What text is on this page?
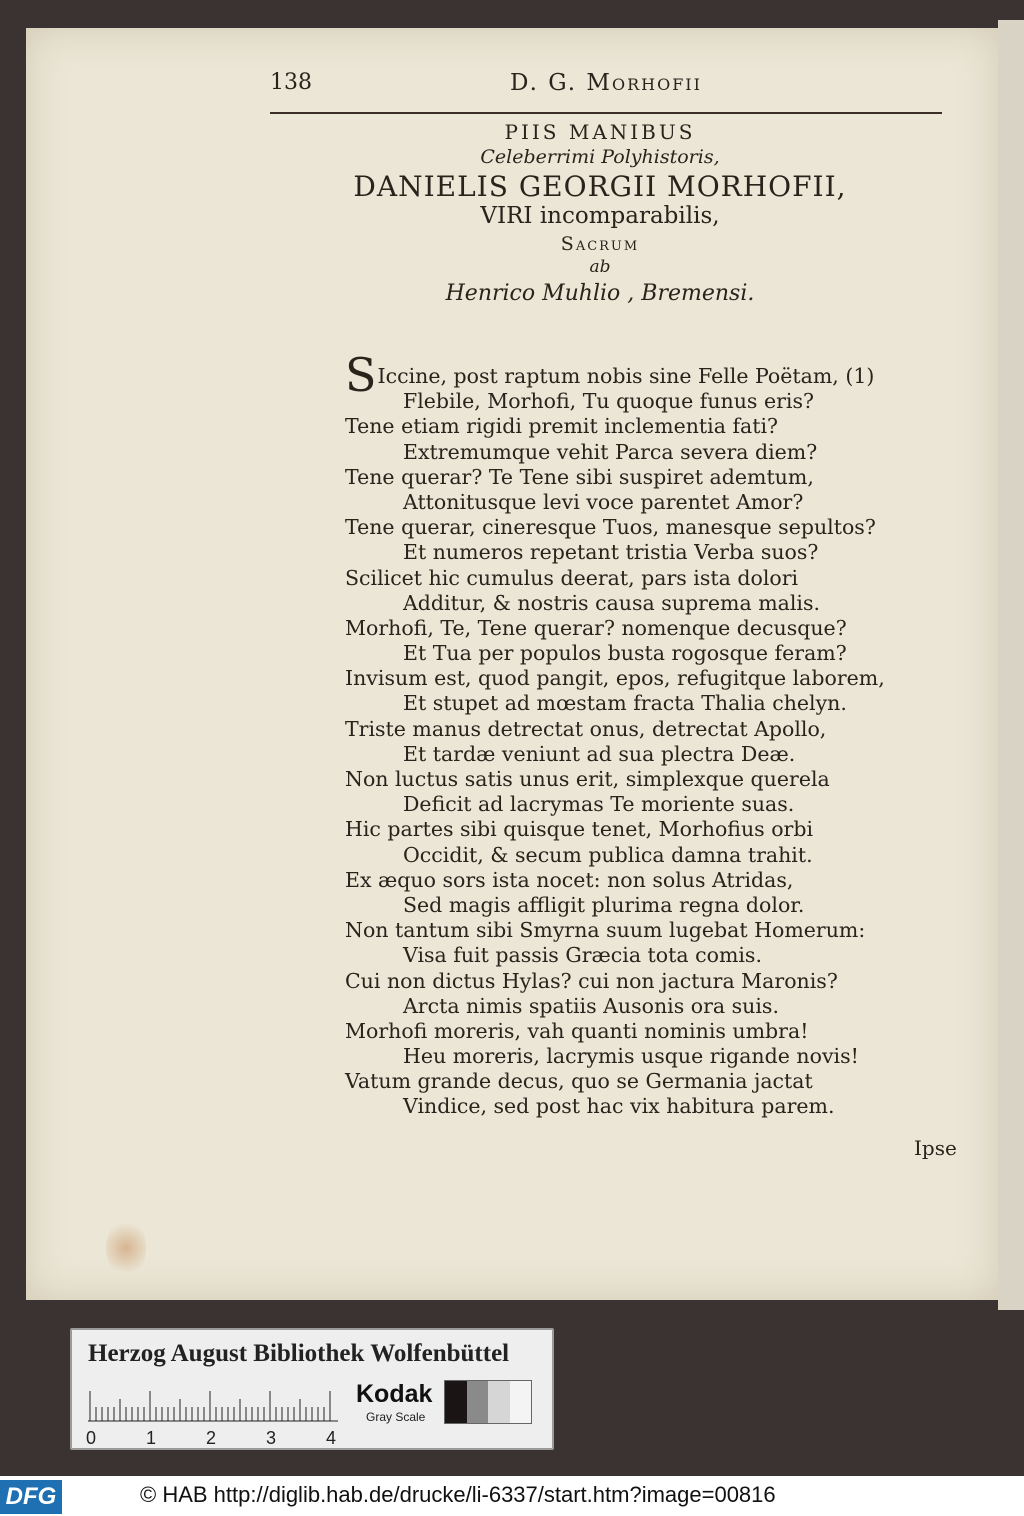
138	D. G. Morhofii
PIIS MANIBUS
Celeberrimi Polyhistoris,
DANIELIS GEORGII MORHOFII,
VIRI incomparabilis,
Sacrum
ab
Henrico Muhlio , Bremensi.
SIccine, post raptum nobis sine Felle Poëtam, (1)
Flebile, Morhofi, Tu quoque funus eris?
Tene etiam rigidi premit inclementia fati?
Extremumque vehit Parca severa diem?
Tene querar? Te Tene sibi suspiret ademtum,
Attonitusque levi voce parentet Amor?
Tene querar, cineresque Tuos, manesque sepultos?
Et numeros repetant tristia Verba suos?
Scilicet hic cumulus deerat, pars ista dolori
Additur, & nostris causa suprema malis.
Morhofi, Te, Tene querar? nomenque decusque?
Et Tua per populos busta rogosque feram?
Invisum est, quod pangit, epos, refugitque laborem,
Et stupet ad mœstam fracta Thalia chelyn.
Triste manus detrectat onus, detrectat Apollo,
Et tardæ veniunt ad sua plectra Deæ.
Non luctus satis unus erit, simplexque querela
Deficit ad lacrymas Te moriente suas.
Hic partes sibi quisque tenet, Morhofius orbi
Occidit, & secum publica damna trahit.
Ex æquo sors ista nocet: non solus Atridas,
Sed magis affligit plurima regna dolor.
Non tantum sibi Smyrna suum lugebat Homerum:
Visa fuit passis Græcia tota comis.
Cui non dictus Hylas? cui non jactura Maronis?
Arcta nimis spatiis Ausonis ora suis.
Morhofi moreris, vah quanti nominis umbra!
Heu moreris, lacrymis usque rigande novis!
Vatum grande decus, quo se Germania jactat
Vindice, sed post hac vix habitura parem.
Ipse
Herzog August Bibliothek Wolfenbüttel
0	1	2	3	4
Kodak
Gray Scale
DFG	© HAB http://diglib.hab.de/drucke/li-6337/start.htm?image=00816
